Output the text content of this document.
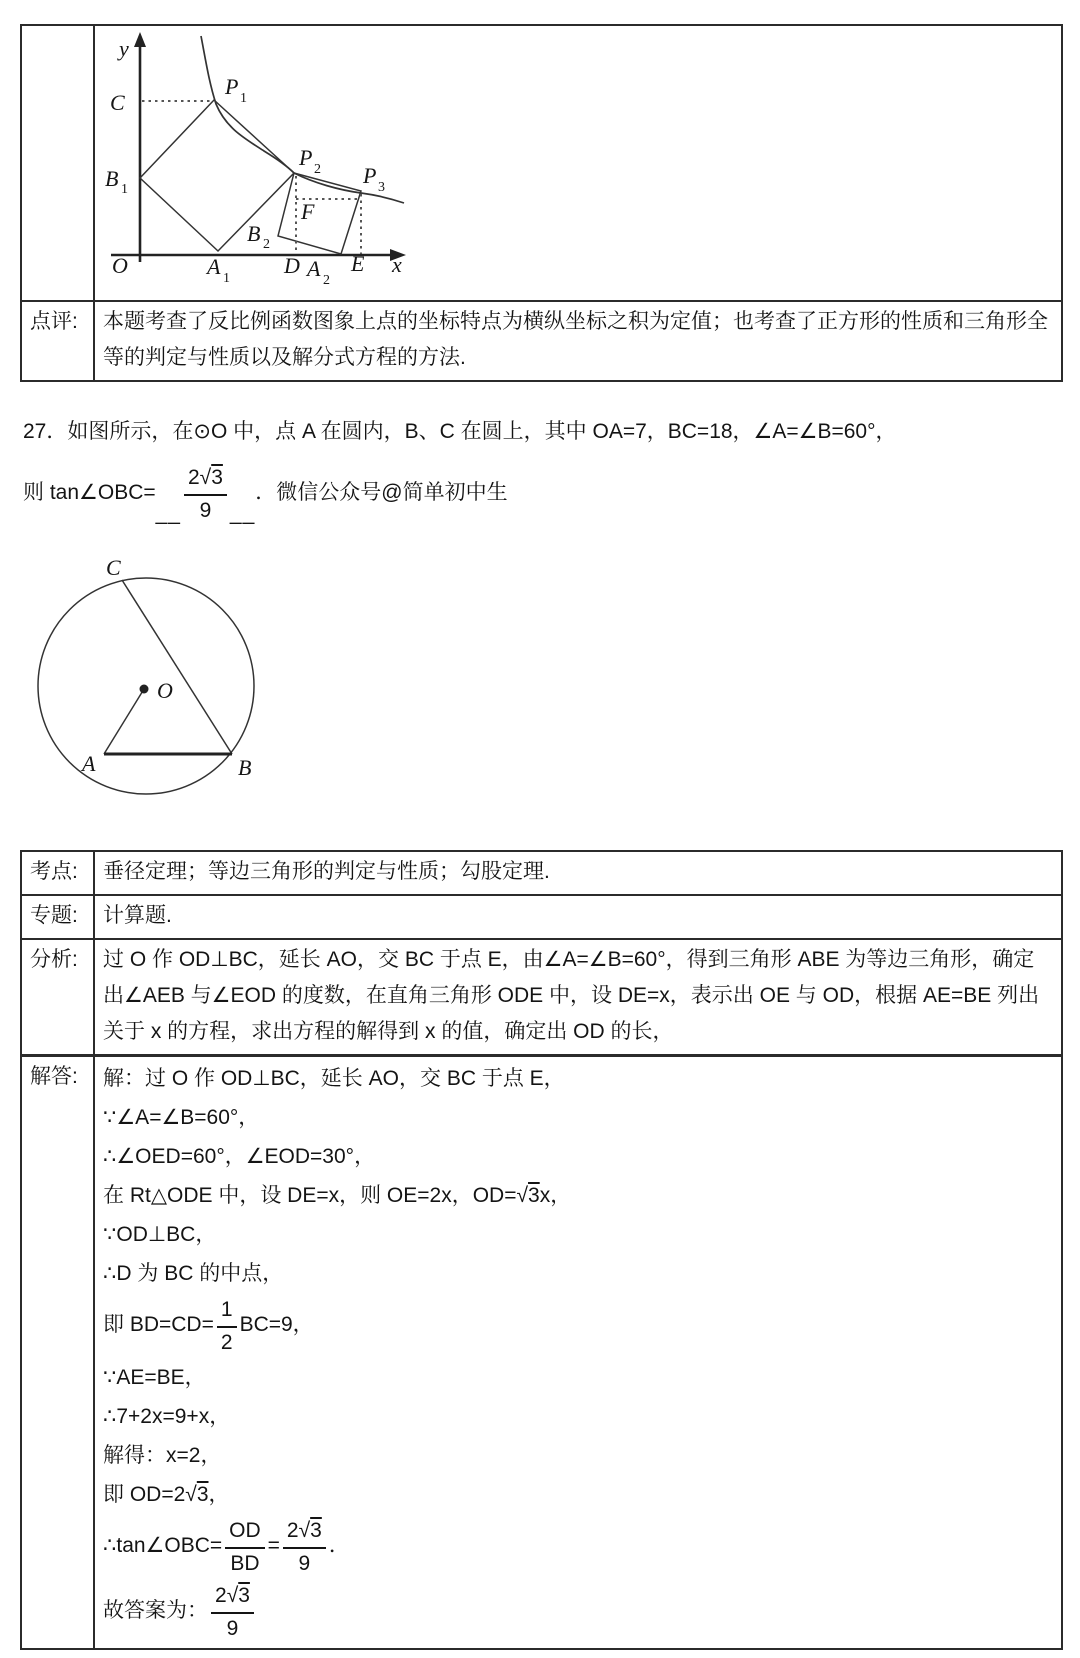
y
x
O
C
B 1
P 1
P 2 P 3
B 2
F
A 1
D A 2
E

点评:	本题考查了反比例函数图象上点的坐标特点为横纵坐标之积为定值；也考查了正方形的性质和三角形全等的判定与性质以及解分式方程的方法.
27．如图所示，在⊙O 中，点 A 在圆内，B、C 在圆上，其中 OA=7，BC=18，∠A=∠B=60°，
则 tan∠OBC=__ $\frac{2√3}{9}$ __．微信公众号@简单初中生
C
O
A	B
考点:	垂径定理；等边三角形的判定与性质；勾股定理.
专题:	计算题.
分析:	过 O 作 OD⊥BC，延长 AO，交 BC 于点 E，由∠A=∠B=60°，得到三角形 ABE 为等边三角形，确定出∠AEB 与∠EOD 的度数，在直角三角形 ODE 中，设 DE=x，表示出 OE 与 OD，根据 AE=BE 列出关于 x 的方程，求出方程的解得到 x 的值，确定出 OD 的长，
解答:	解：过 O 作 OD⊥BC，延长 AO，交 BC 于点 E，
∵∠A=∠B=60°，
∴∠OED=60°，∠EOD=30°，
在 Rt△ODE 中，设 DE=x，则 OE=2x，OD=√3x，
∵OD⊥BC，
∴D 为 BC 的中点，
即 $BD=CD= \frac{1}{2} BC=9$，
∵AE=BE，
∴7+2x=9+x，
解得：x=2，
即 OD=2√3，
∴tan∠OBC= $\frac{OD}{BD} = \frac{2√3}{9}$ ．
故答案为： $\frac{2√3}{9}$
